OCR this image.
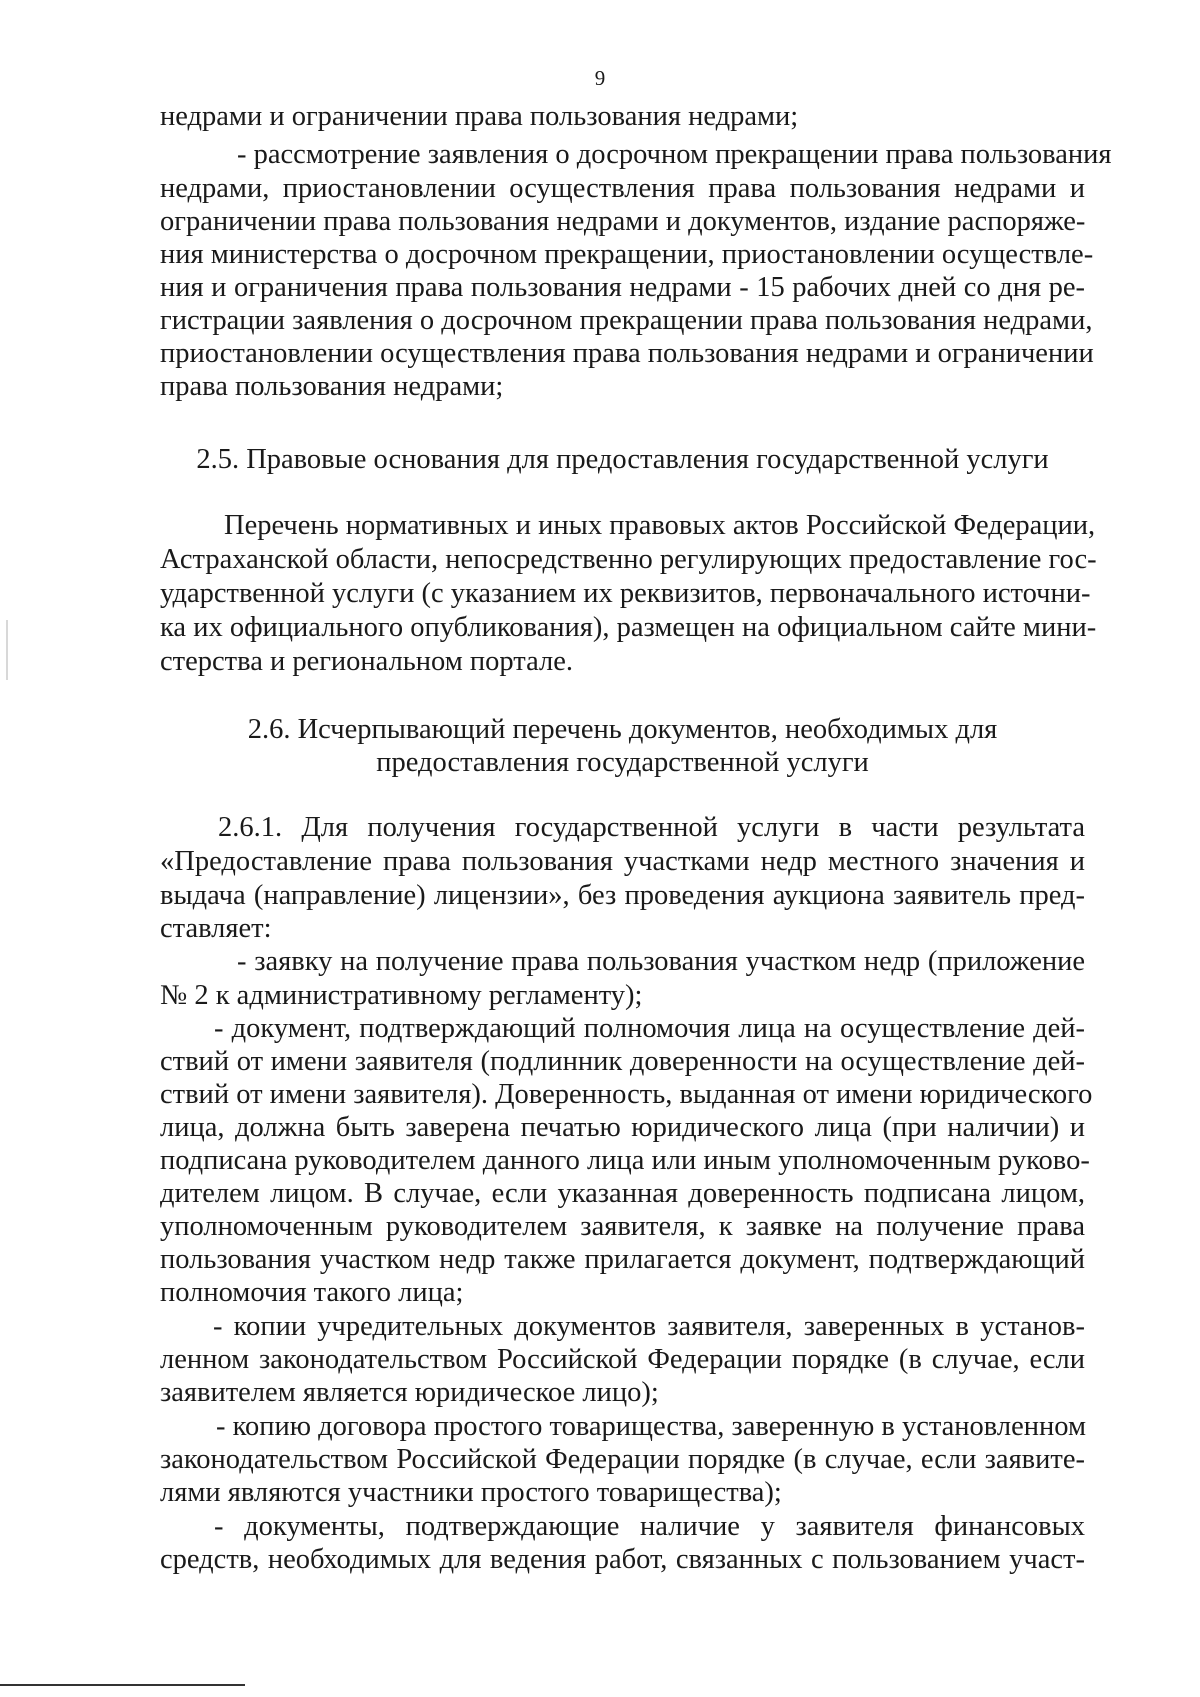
9
недрами и ограничении права пользования недрами;
- рассмотрение заявления о досрочном прекращении права пользования
недрами, приостановлении осуществления права пользования недрами и
ограничении права пользования недрами и документов, издание распоряже-
ния министерства о досрочном прекращении, приостановлении осуществле-
ния и ограничения права пользования недрами - 15 рабочих дней со дня ре-
гистрации заявления о досрочном прекращении права пользования недрами,
приостановлении осуществления права пользования недрами и ограничении
права пользования недрами;
2.5. Правовые основания для предоставления государственной услуги
Перечень нормативных и иных правовых актов Российской Федерации,
Астраханской области, непосредственно регулирующих предоставление гос-
ударственной услуги (с указанием их реквизитов, первоначального источни-
ка их официального опубликования), размещен на официальном сайте мини-
стерства и региональном портале.
2.6. Исчерпывающий перечень документов, необходимых для
предоставления государственной услуги
2.6.1. Для получения государственной услуги в части результата
«Предоставление права пользования участками недр местного значения и
выдача (направление) лицензии», без проведения аукциона заявитель пред-
ставляет:
- заявку на получение права пользования участком недр (приложение
№ 2 к административному регламенту);
- документ, подтверждающий полномочия лица на осуществление дей-
ствий от имени заявителя (подлинник доверенности на осуществление дей-
ствий от имени заявителя). Доверенность, выданная от имени юридического
лица, должна быть заверена печатью юридического лица (при наличии) и
подписана руководителем данного лица или иным уполномоченным руково-
дителем лицом. В случае, если указанная доверенность подписана лицом,
уполномоченным руководителем заявителя, к заявке на получение права
пользования участком недр также прилагается документ, подтверждающий
полномочия такого лица;
- копии учредительных документов заявителя, заверенных в установ-
ленном законодательством Российской Федерации порядке (в случае, если
заявителем является юридическое лицо);
- копию договора простого товарищества, заверенную в установленном
законодательством Российской Федерации порядке (в случае, если заявите-
лями являются участники простого товарищества);
- документы, подтверждающие наличие у заявителя финансовых
средств, необходимых для ведения работ, связанных с пользованием участ-
